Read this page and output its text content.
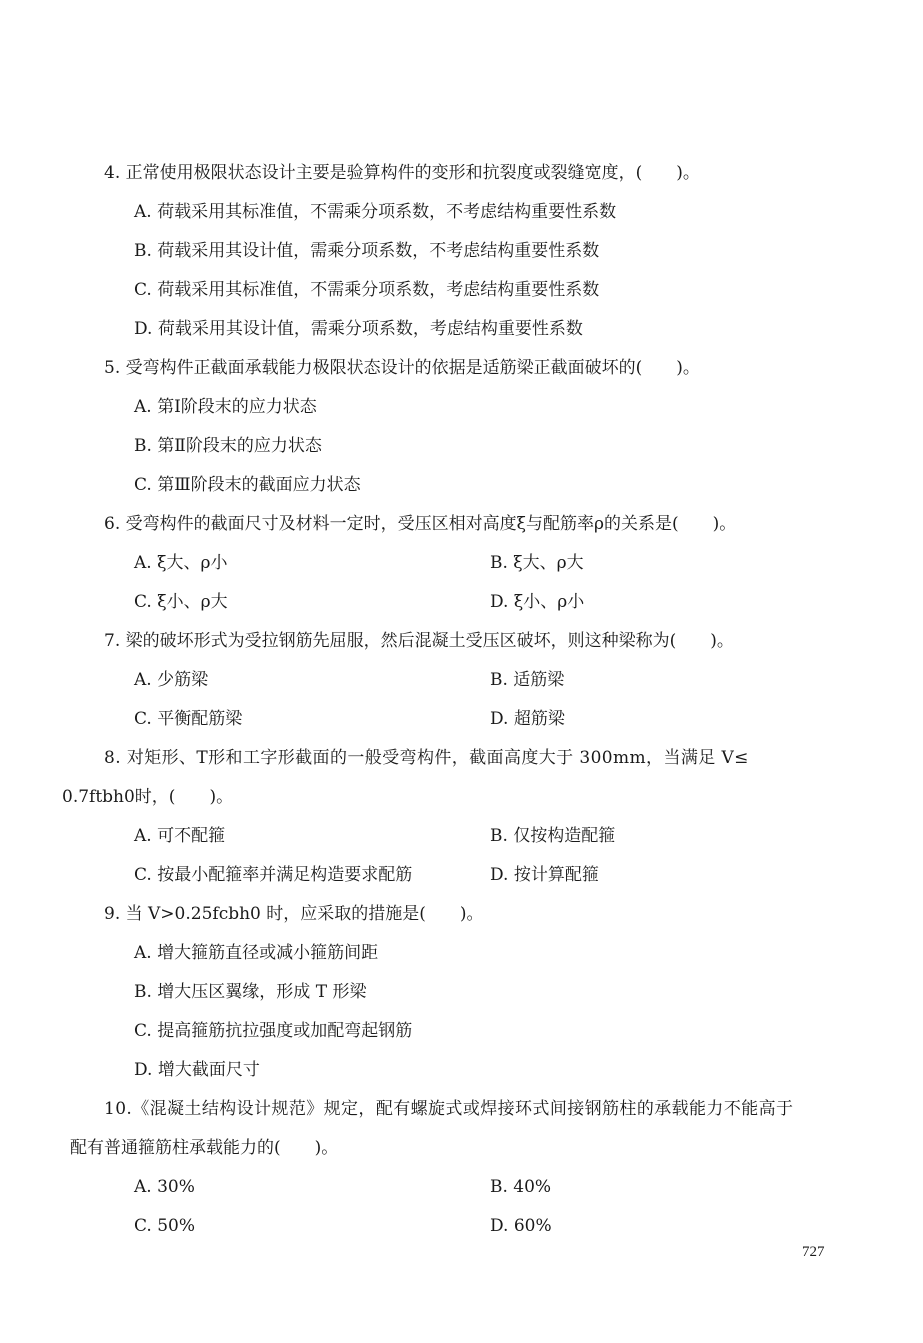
4. 正常使用极限状态设计主要是验算构件的变形和抗裂度或裂缝宽度，(　　)。
A. 荷载采用其标准值，不需乘分项系数，不考虑结构重要性系数
B. 荷载采用其设计值，需乘分项系数，不考虑结构重要性系数
C. 荷载采用其标准值，不需乘分项系数，考虑结构重要性系数
D. 荷载采用其设计值，需乘分项系数，考虑结构重要性系数
5. 受弯构件正截面承载能力极限状态设计的依据是适筋梁正截面破坏的(　　)。
A. 第Ⅰ阶段末的应力状态
B. 第Ⅱ阶段末的应力状态
C. 第Ⅲ阶段末的截面应力状态
6. 受弯构件的截面尺寸及材料一定时，受压区相对高度ξ与配筋率ρ的关系是(　　)。
A. ξ大、ρ小	B. ξ大、ρ大
C. ξ小、ρ大	D. ξ小、ρ小
7. 梁的破坏形式为受拉钢筋先屈服，然后混凝土受压区破坏，则这种梁称为(　　)。
A. 少筋梁	B. 适筋梁
C. 平衡配筋梁	D. 超筋梁
8. 对矩形、T形和工字形截面的一般受弯构件，截面高度大于 300mm，当满足 V≤
0.7ftbh0时，(　　)。
A. 可不配箍	B. 仅按构造配箍
C. 按最小配箍率并满足构造要求配筋	D. 按计算配箍
9. 当 V>0.25fcbh0 时，应采取的措施是(　　)。
A. 增大箍筋直径或减小箍筋间距
B. 增大压区翼缘，形成 T 形梁
C. 提高箍筋抗拉强度或加配弯起钢筋
D. 增大截面尺寸
10.《混凝土结构设计规范》规定，配有螺旋式或焊接环式间接钢筋柱的承载能力不能高于
配有普通箍筋柱承载能力的(　　)。
A. 30%	B. 40%
C. 50%	D. 60%
727
